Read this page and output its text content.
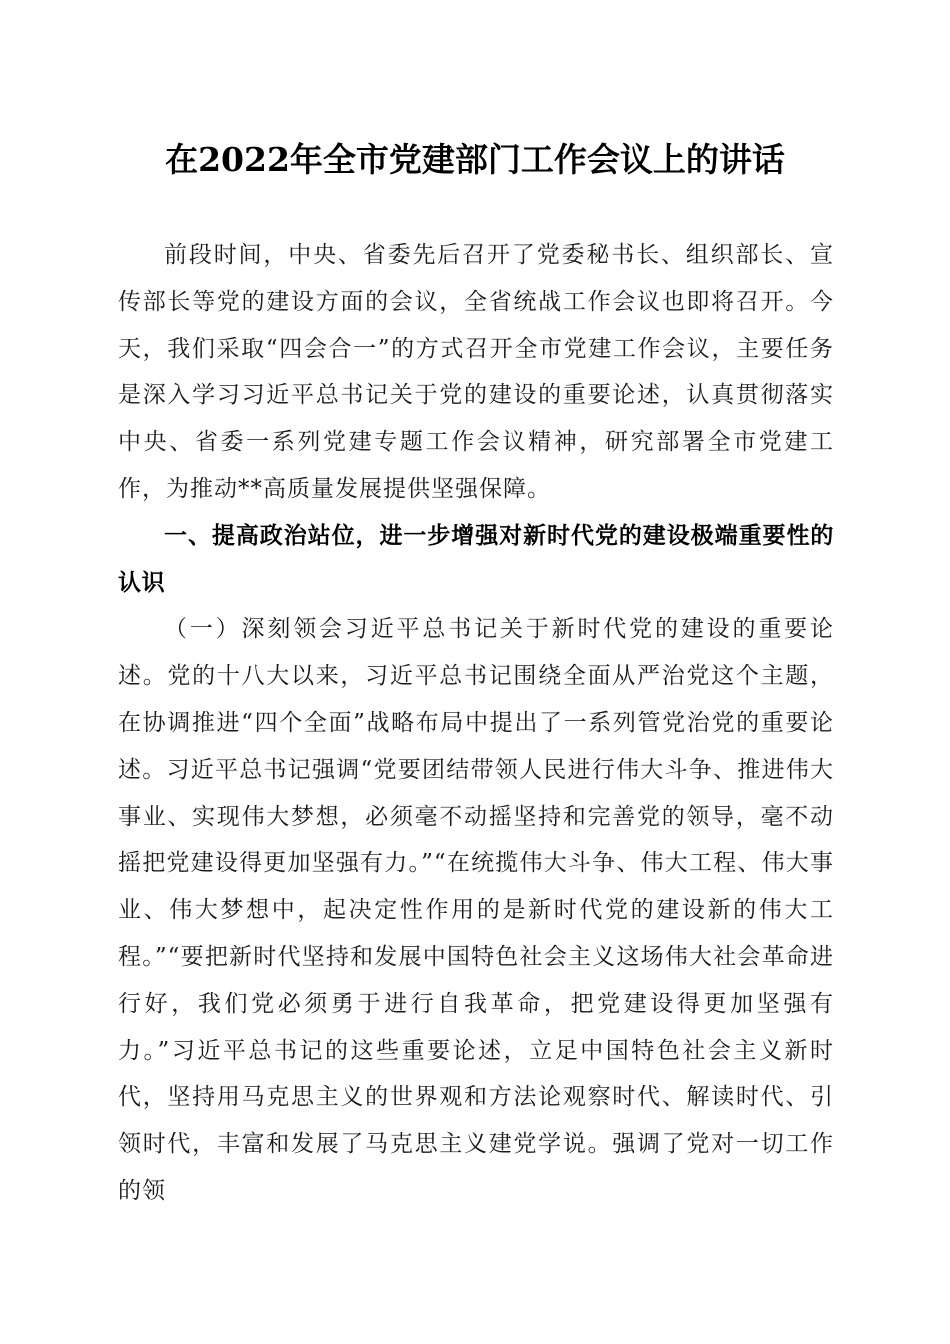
在2022年全市党建部门工作会议上的讲话

前段时间，中央、省委先后召开了党委秘书长、组织部长、宣传部长等党的建设方面的会议，全省统战工作会议也即将召开。今天，我们采取“四会合一”的方式召开全市党建工作会议，主要任务是深入学习习近平总书记关于党的建设的重要论述，认真贯彻落实中央、省委一系列党建专题工作会议精神，研究部署全市党建工作，为推动**高质量发展提供坚强保障。

一、提高政治站位，进一步增强对新时代党的建设极端重要性的认识

（一）深刻领会习近平总书记关于新时代党的建设的重要论述。党的十八大以来，习近平总书记围绕全面从严治党这个主题，在协调推进“四个全面”战略布局中提出了一系列管党治党的重要论述。习近平总书记强调“党要团结带领人民进行伟大斗争、推进伟大事业、实现伟大梦想，必须毫不动摇坚持和完善党的领导，毫不动摇把党建设得更加坚强有力。”“在统揽伟大斗争、伟大工程、伟大事业、伟大梦想中，起决定性作用的是新时代党的建设新的伟大工程。”“要把新时代坚持和发展中国特色社会主义这场伟大社会革命进行好，我们党必须勇于进行自我革命，把党建设得更加坚强有力。”习近平总书记的这些重要论述，立足中国特色社会主义新时代，坚持用马克思主义的世界观和方法论观察时代、解读时代、引领时代，丰富和发展了马克思主义建党学说。强调了党对一切工作的领
